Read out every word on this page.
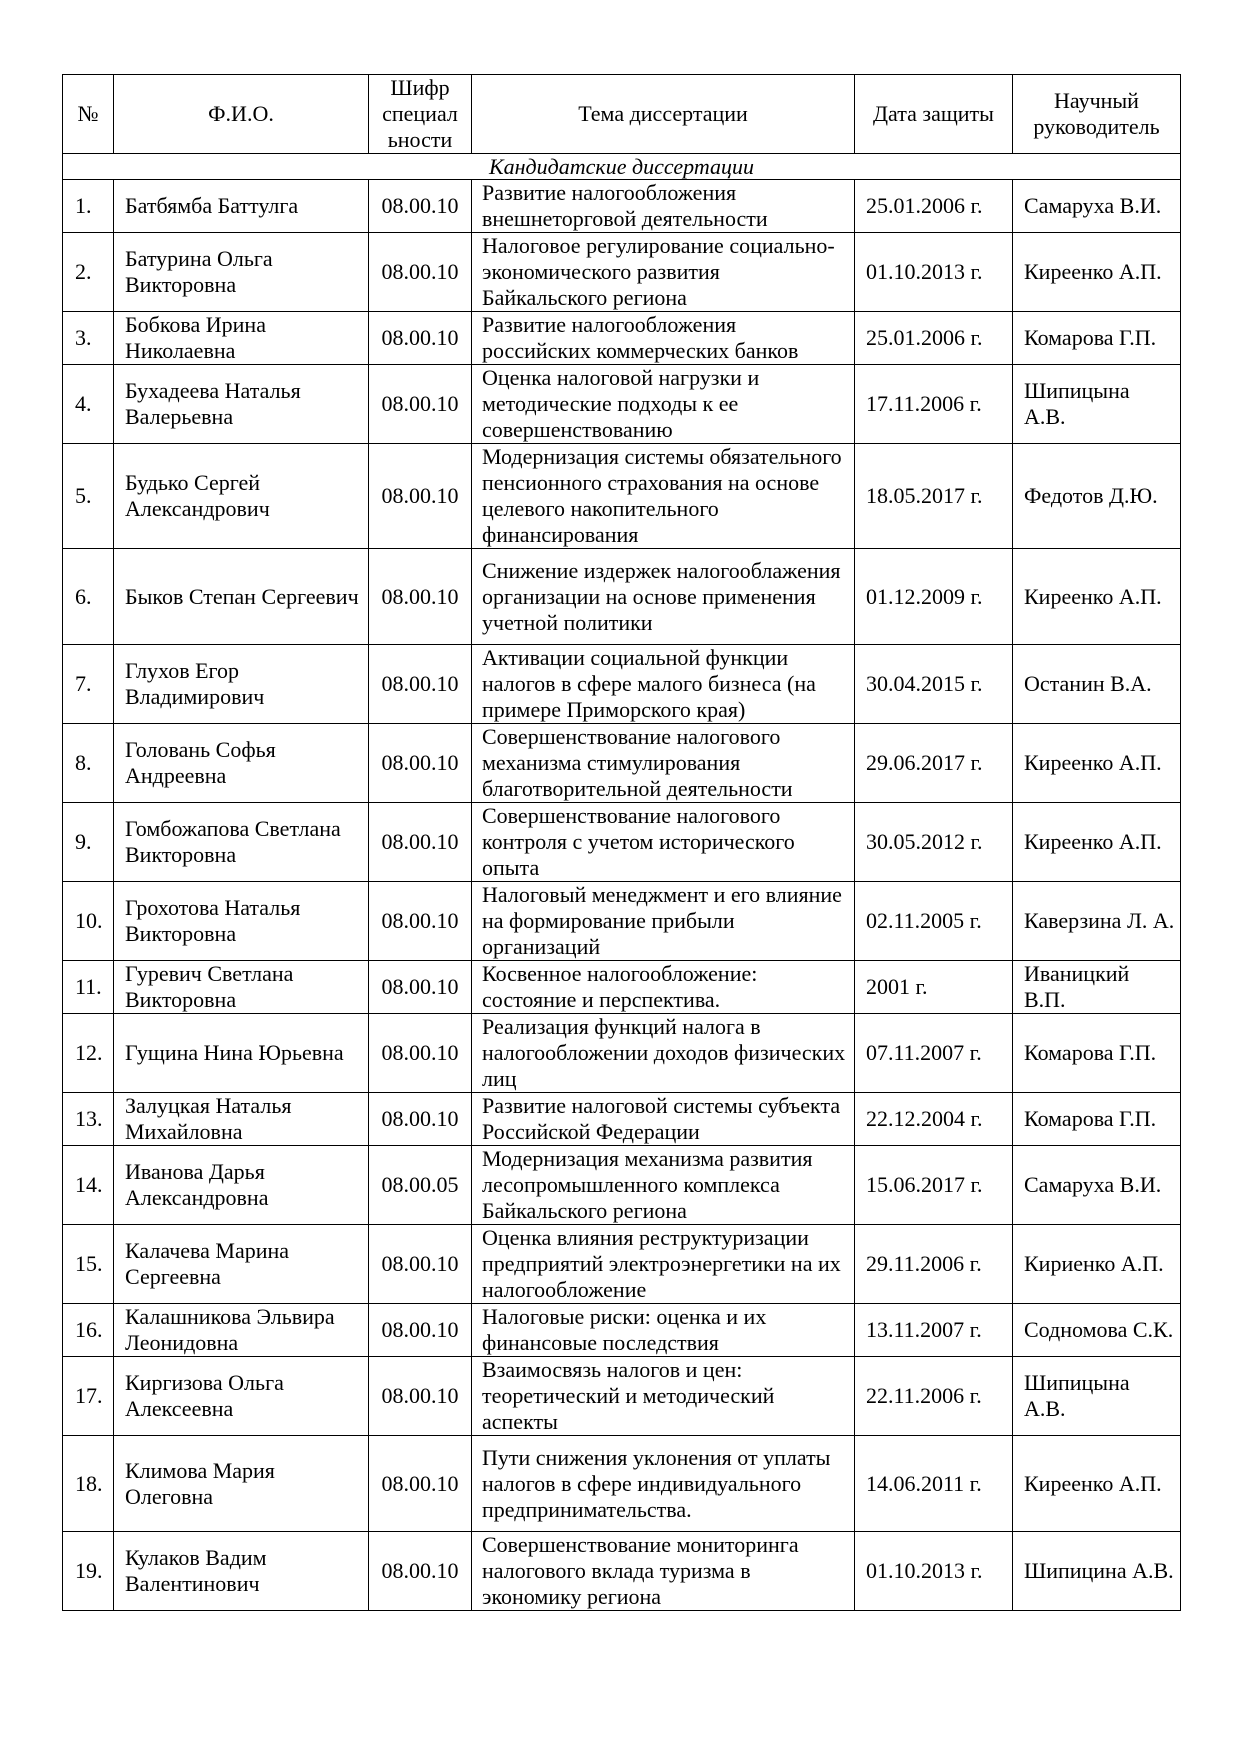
№	Ф.И.О.	Шифр специал ьности	Тема диссертации	Дата защиты	Научный руководитель
Кандидатские диссертации					
1.	Батбямба Баттулга	08.00.10	Развитие налогообложения внешнеторговой деятельности	25.01.2006 г.	Самаруха В.И.
2.	Батурина Ольга Викторовна	08.00.10	Налоговое регулирование социально-экономического развития Байкальского региона	01.10.2013 г.	Киреенко А.П.
3.	Бобкова Ирина Николаевна	08.00.10	Развитие налогообложения российских коммерческих банков	25.01.2006 г.	Комарова Г.П.
4.	Бухадеева Наталья Валерьевна	08.00.10	Оценка налоговой нагрузки и методические подходы к ее совершенствованию	17.11.2006 г.	Шипицына А.В.
5.	Будько Сергей Александрович	08.00.10	Модернизация системы обязательного пенсионного страхования на основе целевого накопительного финансирования	18.05.2017 г.	Федотов Д.Ю.
6.	Быков Степан Сергеевич	08.00.10	Снижение издержек налогооблажения организации на основе применения учетной политики	01.12.2009 г.	Киреенко А.П.
7.	Глухов Егор Владимирович	08.00.10	Активации социальной функции налогов в сфере малого бизнеса (на примере Приморского края)	30.04.2015 г.	Останин В.А.
8.	Головань Софья Андреевна	08.00.10	Совершенствование налогового механизма стимулирования благотворительной деятельности	29.06.2017 г.	Киреенко А.П.
9.	Гомбожапова Светлана Викторовна	08.00.10	Совершенствование налогового контроля с учетом исторического опыта	30.05.2012 г.	Киреенко А.П.
10.	Грохотова Наталья Викторовна	08.00.10	Налоговый менеджмент и его влияние на формирование прибыли организаций	02.11.2005 г.	Каверзина Л. А.
11.	Гуревич Светлана Викторовна	08.00.10	Косвенное налогообложение: состояние и перспектива.	2001 г.	Иваницкий В.П.
12.	Гущина Нина Юрьевна	08.00.10	Реализация функций налога в налогообложении доходов физических лиц	07.11.2007 г.	Комарова Г.П.
13.	Залуцкая Наталья Михайловна	08.00.10	Развитие налоговой системы субъекта Российской Федерации	22.12.2004 г.	Комарова Г.П.
14.	Иванова Дарья Александровна	08.00.05	Модернизация механизма развития лесопромышленного комплекса Байкальского региона	15.06.2017 г.	Самаруха В.И.
15.	Калачева Марина Сергеевна	08.00.10	Оценка влияния реструктуризации предприятий электроэнергетики на их налогообложение	29.11.2006 г.	Кириенко А.П.
16.	Калашникова Эльвира Леонидовна	08.00.10	Налоговые риски: оценка и их финансовые последствия	13.11.2007 г.	Содномова С.К.
17.	Киргизова Ольга Алексеевна	08.00.10	Взаимосвязь налогов и цен: теоретический и методический аспекты	22.11.2006 г.	Шипицына А.В.
18.	Климова Мария Олеговна	08.00.10	Пути снижения уклонения от уплаты налогов в сфере индивидуального предпринимательства.	14.06.2011 г.	Киреенко А.П.
19.	Кулаков Вадим Валентинович	08.00.10	Совершенствование мониторинга налогового вклада туризма в экономику региона	01.10.2013 г.	Шипицина А.В.
